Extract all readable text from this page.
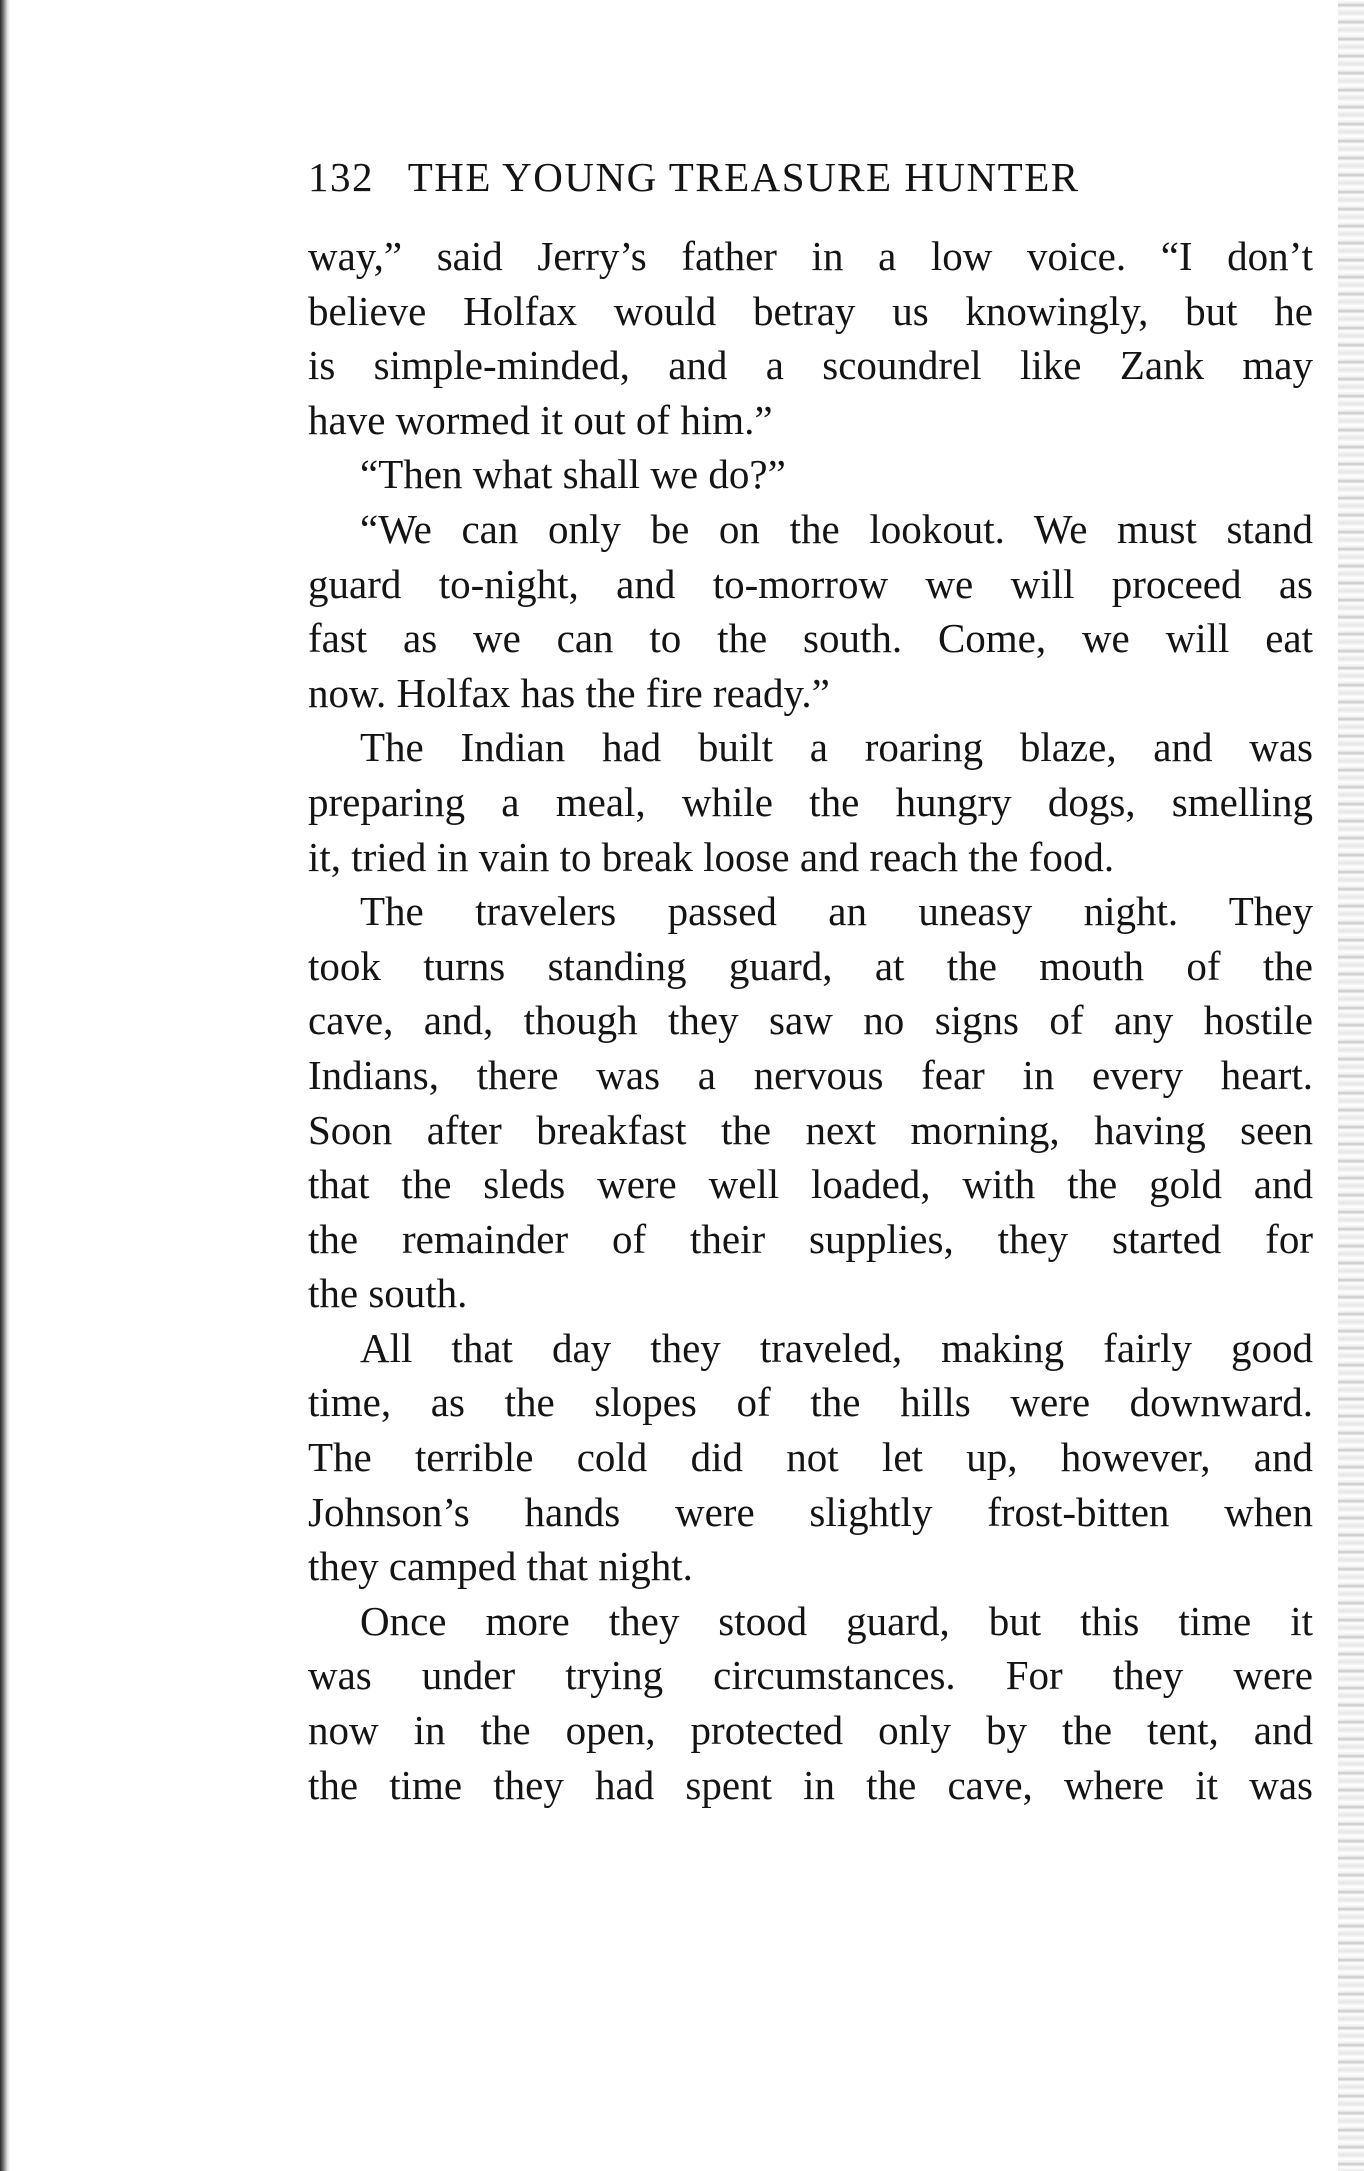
132 THE YOUNG TREASURE HUNTER
way,” said Jerry’s father in a low voice. “I don’t
believe Holfax would betray us knowingly, but he
is simple-minded, and a scoundrel like Zank may
have wormed it out of him.”
“Then what shall we do?”
“We can only be on the lookout. We must stand
guard to-night, and to-morrow we will proceed as
fast as we can to the south. Come, we will eat
now. Holfax has the fire ready.”
The Indian had built a roaring blaze, and was
preparing a meal, while the hungry dogs, smelling
it, tried in vain to break loose and reach the food.
The travelers passed an uneasy night. They
took turns standing guard, at the mouth of the
cave, and, though they saw no signs of any hostile
Indians, there was a nervous fear in every heart.
Soon after breakfast the next morning, having seen
that the sleds were well loaded, with the gold and
the remainder of their supplies, they started for
the south.
All that day they traveled, making fairly good
time, as the slopes of the hills were downward.
The terrible cold did not let up, however, and
Johnson’s hands were slightly frost-bitten when
they camped that night.
Once more they stood guard, but this time it
was under trying circumstances. For they were
now in the open, protected only by the tent, and
the time they had spent in the cave, where it was
